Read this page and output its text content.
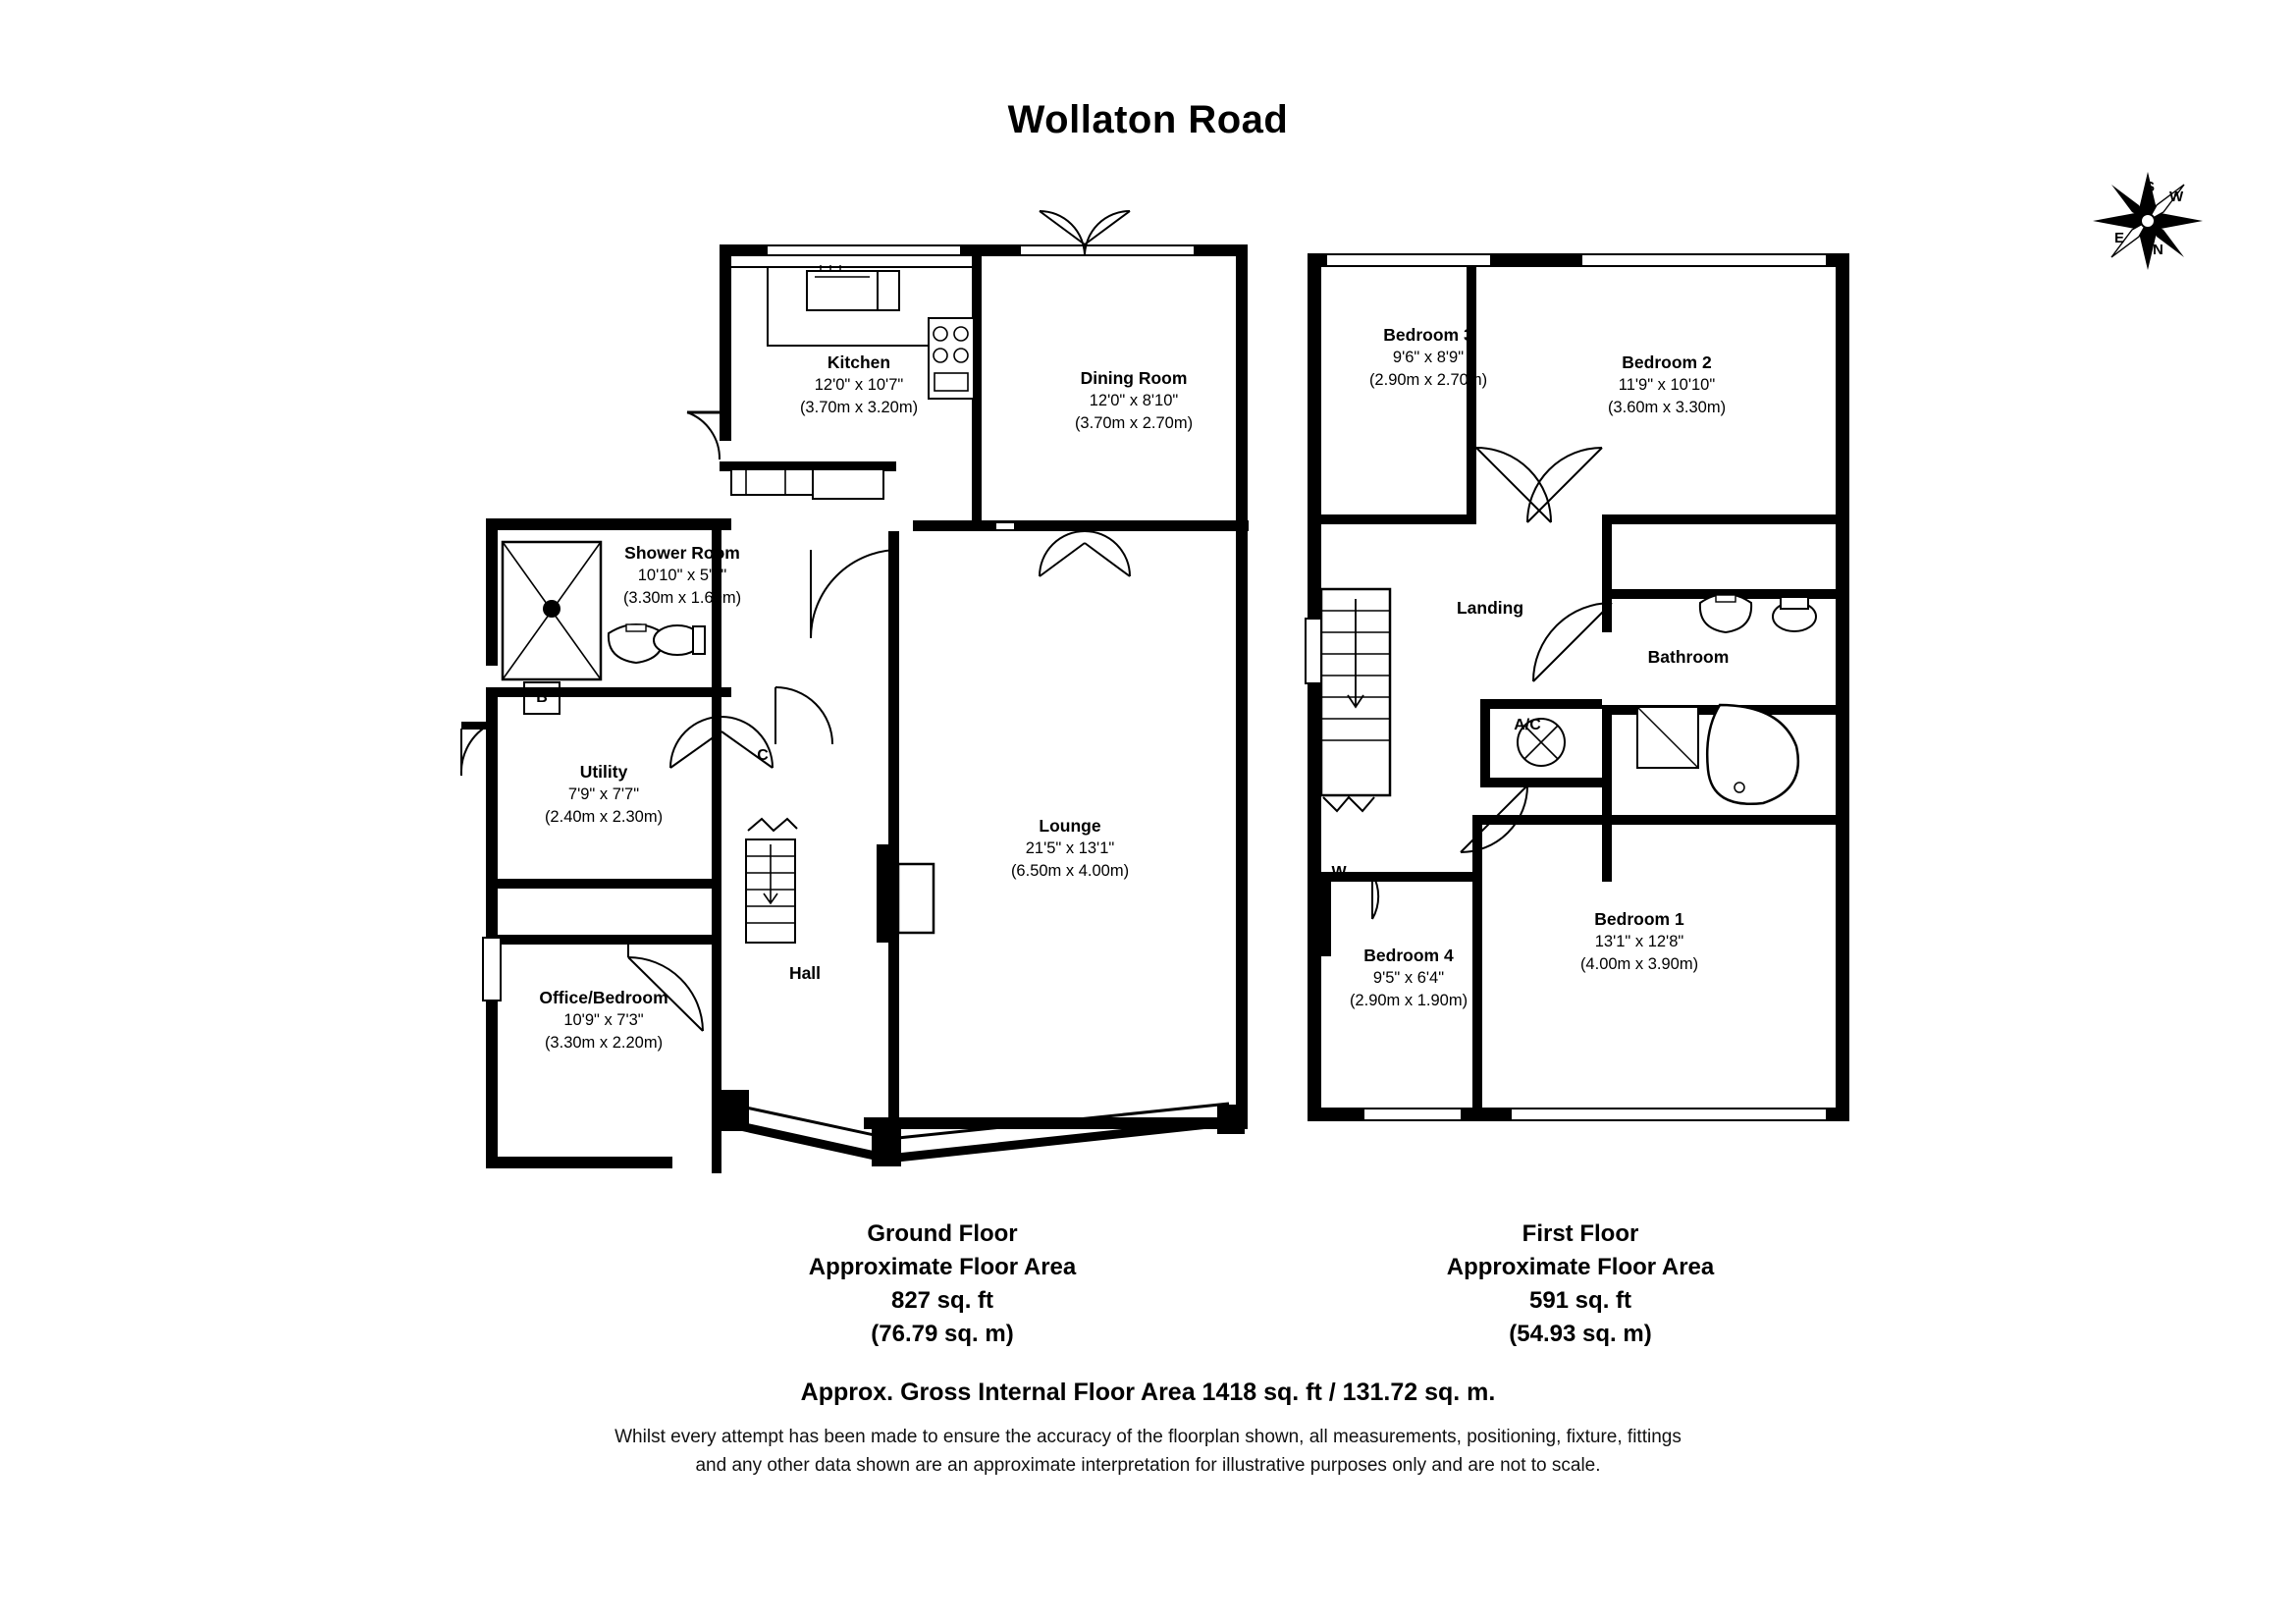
Wollaton Road
S
W
N
E
Kitchen
12'0" x 10'7"
(3.70m x 3.20m)
Dining Room
12'0" x 8'10"
(3.70m x 2.70m)
Shower Room
10'10" x 5'1"
(3.30m x 1.60m)
Utility
7'9" x 7'7"
(2.40m x 2.30m)	Lounge
21'5" x 13'1"
(6.50m x 4.00m)
Office/Bedroom
10'9" x 7'3"
(3.30m x 2.20m)
Hall
B
C
Bedroom 3
9'6" x 8'9"
(2.90m x 2.70m)
Bedroom 2
11'9" x 10'10"
(3.60m x 3.30m)
Bedroom 1
13'1" x 12'8"
(4.00m x 3.90m)
Bedroom 4
9'5" x 6'4"
(2.90m x 1.90m)
Landing
Bathroom
A/C
W
Ground Floor
Approximate Floor Area
827 sq. ft
(76.79 sq. m)
First Floor
Approximate Floor Area
591 sq. ft
(54.93 sq. m)
Approx. Gross Internal Floor Area 1418 sq. ft / 131.72 sq. m.
Whilst every attempt has been made to ensure the accuracy of the floorplan shown, all measurements, positioning, fixture, fittings
and any other data shown are an approximate interpretation for illustrative purposes only and are not to scale.
